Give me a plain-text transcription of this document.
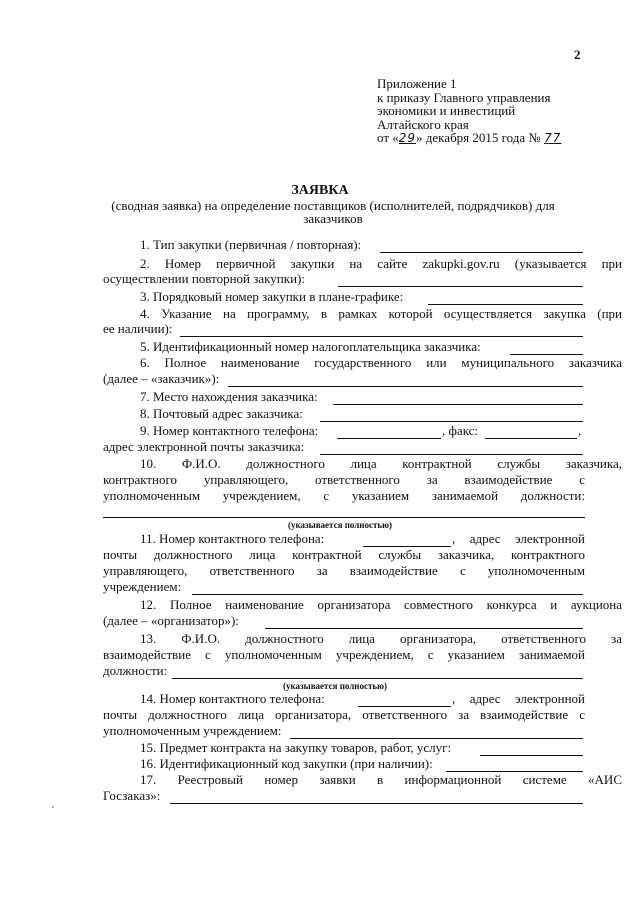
2
Приложение 1
к приказу Главного управления
экономики и инвестиций
Алтайского края
от «29» декабря 2015 года № 77
ЗАЯВКА
(сводная заявка) на определение поставщиков (исполнителей, подрядчиков) для заказчиков
1. Тип закупки (первичная / повторная):
2. Номер первичной закупки на сайте zakupki.gov.ru (указывается при
осуществлении повторной закупки):
3. Порядковый номер закупки в плане-графике:
4. Указание на программу, в рамках которой осуществляется закупка (при
ее наличии):
5. Идентификационный номер налогоплательщика заказчика:
6. Полное наименование государственного или муниципального заказчика
(далее – «заказчик»):
7. Место нахождения заказчика:
8. Почтовый адрес заказчика:
9. Номер контактного телефона:	, факс:	,
адрес электронной почты заказчика:
10. Ф.И.О. должностного лица контрактной службы заказчика,
контрактного управляющего, ответственного за взаимодействие с
уполномоченным учреждением, с указанием занимаемой должности:
(указывается полностью)
11. Номер контактного телефона:	, адрес электронной
почты должностного лица контрактной службы заказчика, контрактного
управляющего, ответственного за взаимодействие с уполномоченным
учреждением:
12. Полное наименование организатора совместного конкурса и аукциона
(далее – «организатор»):
13. Ф.И.О. должностного лица организатора, ответственного за
взаимодействие с уполномоченным учреждением, с указанием занимаемой
должности:
(указывается полностью)
14. Номер контактного телефона:	, адрес электронной
почты должностного лица организатора, ответственного за взаимодействие с
уполномоченным учреждением:
15. Предмет контракта на закупку товаров, работ, услуг:
16. Идентификационный код закупки (при наличии):
17. Реестровый номер заявки в информационной системе «АИС
Госзаказ»:
